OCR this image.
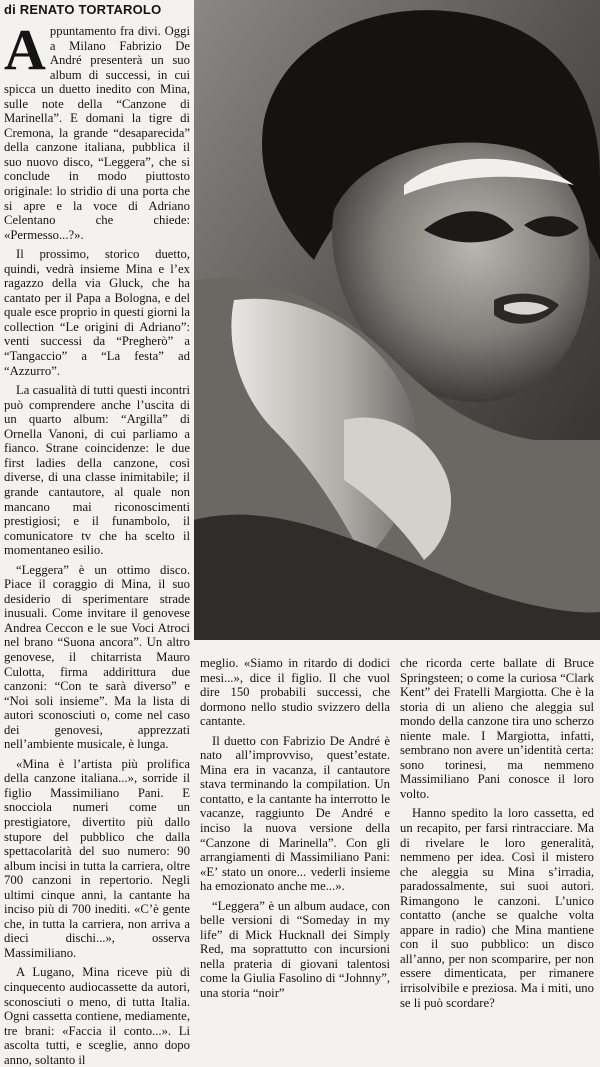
di RENATO TORTAROLO

Appuntamento fra divi. Oggi a Milano Fabrizio De André presenterà un suo album di successi, in cui spicca un duetto inedito con Mina, sulle note della “Canzone di Marinella”. E domani la tigre di Cremona, la grande “desaparecida” della canzone italiana, pubblica il suo nuovo disco, “Leggera”, che si conclude in modo piuttosto originale: lo stridio di una porta che si apre e la voce di Adriano Celentano che chiede: «Permesso...?».

Il prossimo, storico duetto, quindi, vedrà insieme Mina e l’ex ragazzo della via Gluck, che ha cantato per il Papa a Bologna, e del quale esce proprio in questi giorni la collection “Le origini di Adriano”: venti successi da “Pregherò” a “Tangaccio” a “La festa” ad “Azzurro”.

La casualità di tutti questi incontri può comprendere anche l’uscita di un quarto album: “Argilla” di Ornella Vanoni, di cui parliamo a fianco. Strane coincidenze: le due first ladies della canzone, così diverse, di una classe inimitabile; il grande cantautore, al quale non mancano mai riconoscimenti prestigiosi; e il funambolo, il comunicatore tv che ha scelto il momentaneo esilio.

“Leggera” è un ottimo disco. Piace il coraggio di Mina, il suo desiderio di sperimentare strade inusuali. Come invitare il genovese Andrea Ceccon e le sue Voci Atroci nel brano “Suona ancora”. Un altro genovese, il chitarrista Mauro Culotta, firma addirittura due canzoni: “Con te sarà diverso” e “Noi soli insieme”. Ma la lista di autori sconosciuti o, come nel caso dei genovesi, apprezzati nell’ambiente musicale, è lunga.

«Mina è l’artista più prolifica della canzone italiana...», sorride il figlio Massimiliano Pani. E snocciola numeri come un prestigiatore, divertito più dallo stupore del pubblico che dalla spettacolarità del suo numero: 90 album incisi in tutta la carriera, oltre 700 canzoni in repertorio. Negli ultimi cinque anni, la cantante ha inciso più di 700 inediti. «C’è gente che, in tutta la carriera, non arriva a dieci dischi...», osserva Massimiliano.

A Lugano, Mina riceve più di cinquecento audiocassette da autori, sconosciuti o meno, di tutta Italia. Ogni cassetta contiene, mediamente, tre brani: «Faccia il conto...». Li ascolta tutti, e sceglie, anno dopo anno, soltanto il

meglio. «Siamo in ritardo di dodici mesi...», dice il figlio. Il che vuol dire 150 probabili successi, che dormono nello studio svizzero della cantante.

Il duetto con Fabrizio De André è nato all’improvviso, quest’estate. Mina era in vacanza, il cantautore stava terminando la compilation. Un contatto, e la cantante ha interrotto le vacanze, raggiunto De André e inciso la nuova versione della “Canzone di Marinella”. Con gli arrangiamenti di Massimiliano Pani: «E’ stato un onore... vederli insieme ha emozionato anche me...».

“Leggera” è un album audace, con belle versioni di “Someday in my life” di Mick Hucknall dei Simply Red, ma soprattutto con incursioni nella prateria di giovani talentosi come la Giulia Fasolino di “Johnny”, una storia “noir”

che ricorda certe ballate di Bruce Springsteen; o come la curiosa “Clark Kent” dei Fratelli Margiotta. Che è la storia di un alieno che aleggia sul mondo della canzone tira uno scherzo niente male. I Margiotta, infatti, sembrano non avere un’identità certa: sono torinesi, ma nemmeno Massimiliano Pani conosce il loro volto.

Hanno spedito la loro cassetta, ed un recapito, per farsi rintracciare. Ma di rivelare le loro generalità, nemmeno per idea. Così il mistero che aleggia su Mina s’irradia, paradossalmente, sui suoi autori. Rimangono le canzoni. L’unico contatto (anche se qualche volta appare in radio) che Mina mantiene con il suo pubblico: un disco all’anno, per non scomparire, per non essere dimenticata, per rimanere irrisolvibile e preziosa. Ma i miti, uno se li può scordare?
